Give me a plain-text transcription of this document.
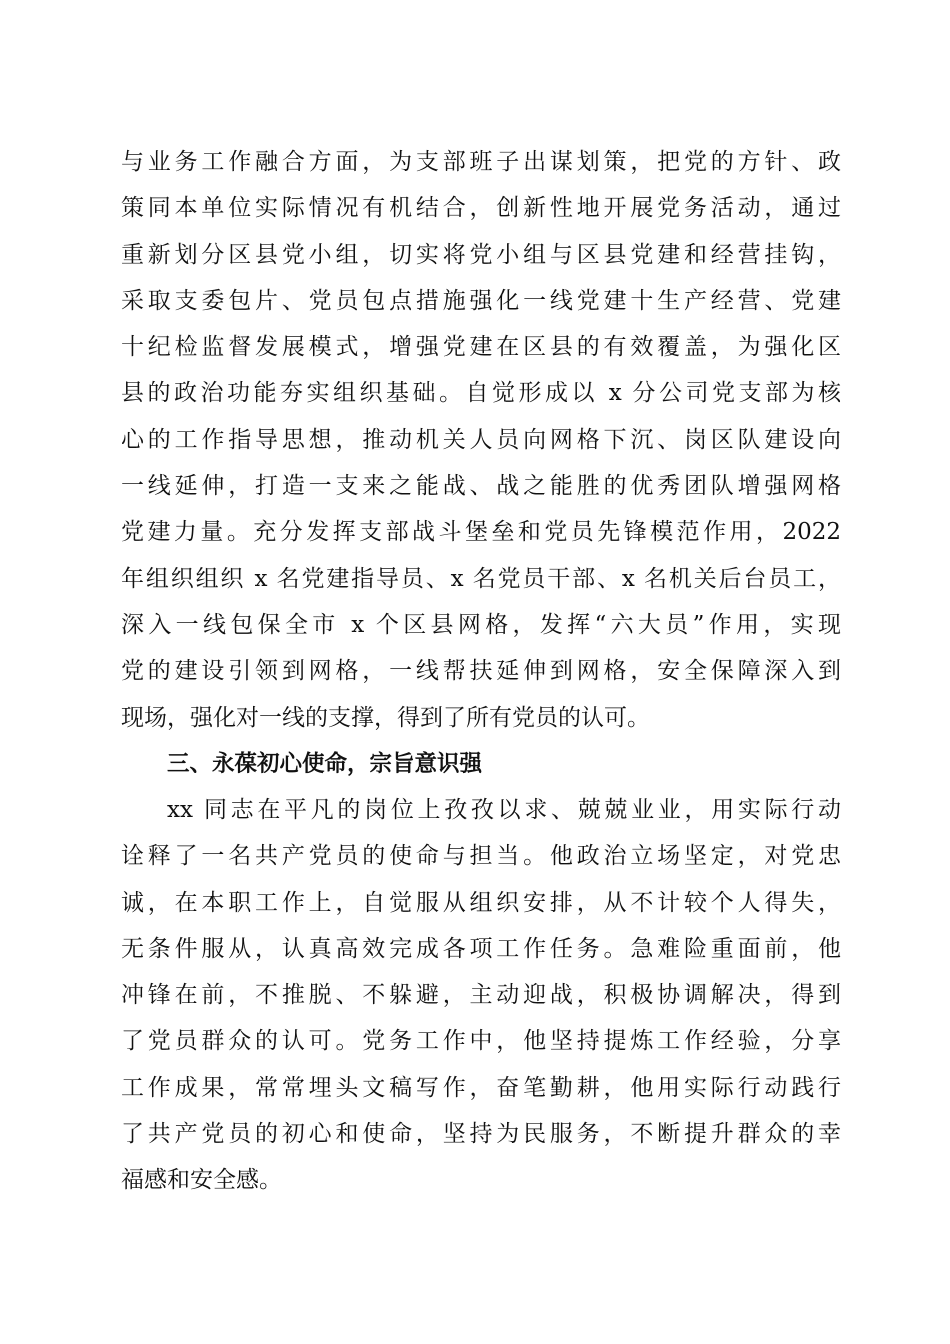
与业务工作融合方面，为支部班子出谋划策，把党的方针、政
策同本单位实际情况有机结合，创新性地开展党务活动，通过
重新划分区县党小组，切实将党小组与区县党建和经营挂钩，
采取支委包片、党员包点措施强化一线党建十生产经营、党建
十纪检监督发展模式，增强党建在区县的有效覆盖，为强化区
县的政治功能夯实组织基础。自觉形成以 x 分公司党支部为核
心的工作指导思想，推动机关人员向网格下沉、岗区队建设向
一线延伸，打造一支来之能战、战之能胜的优秀团队增强网格
党建力量。充分发挥支部战斗堡垒和党员先锋模范作用，2022
年组织组织 x 名党建指导员、x 名党员干部、x 名机关后台员工，
深入一线包保全市 x 个区县网格，发挥“六大员”作用，实现
党的建设引领到网格，一线帮扶延伸到网格，安全保障深入到
现场，强化对一线的支撑，得到了所有党员的认可。
三、永葆初心使命，宗旨意识强
xx 同志在平凡的岗位上孜孜以求、兢兢业业，用实际行动
诠释了一名共产党员的使命与担当。他政治立场坚定，对党忠
诚，在本职工作上，自觉服从组织安排，从不计较个人得失，
无条件服从，认真高效完成各项工作任务。急难险重面前，他
冲锋在前，不推脱、不躲避，主动迎战，积极协调解决，得到
了党员群众的认可。党务工作中，他坚持提炼工作经验，分享
工作成果，常常埋头文稿写作，奋笔勤耕，他用实际行动践行
了共产党员的初心和使命，坚持为民服务，不断提升群众的幸
福感和安全感。
